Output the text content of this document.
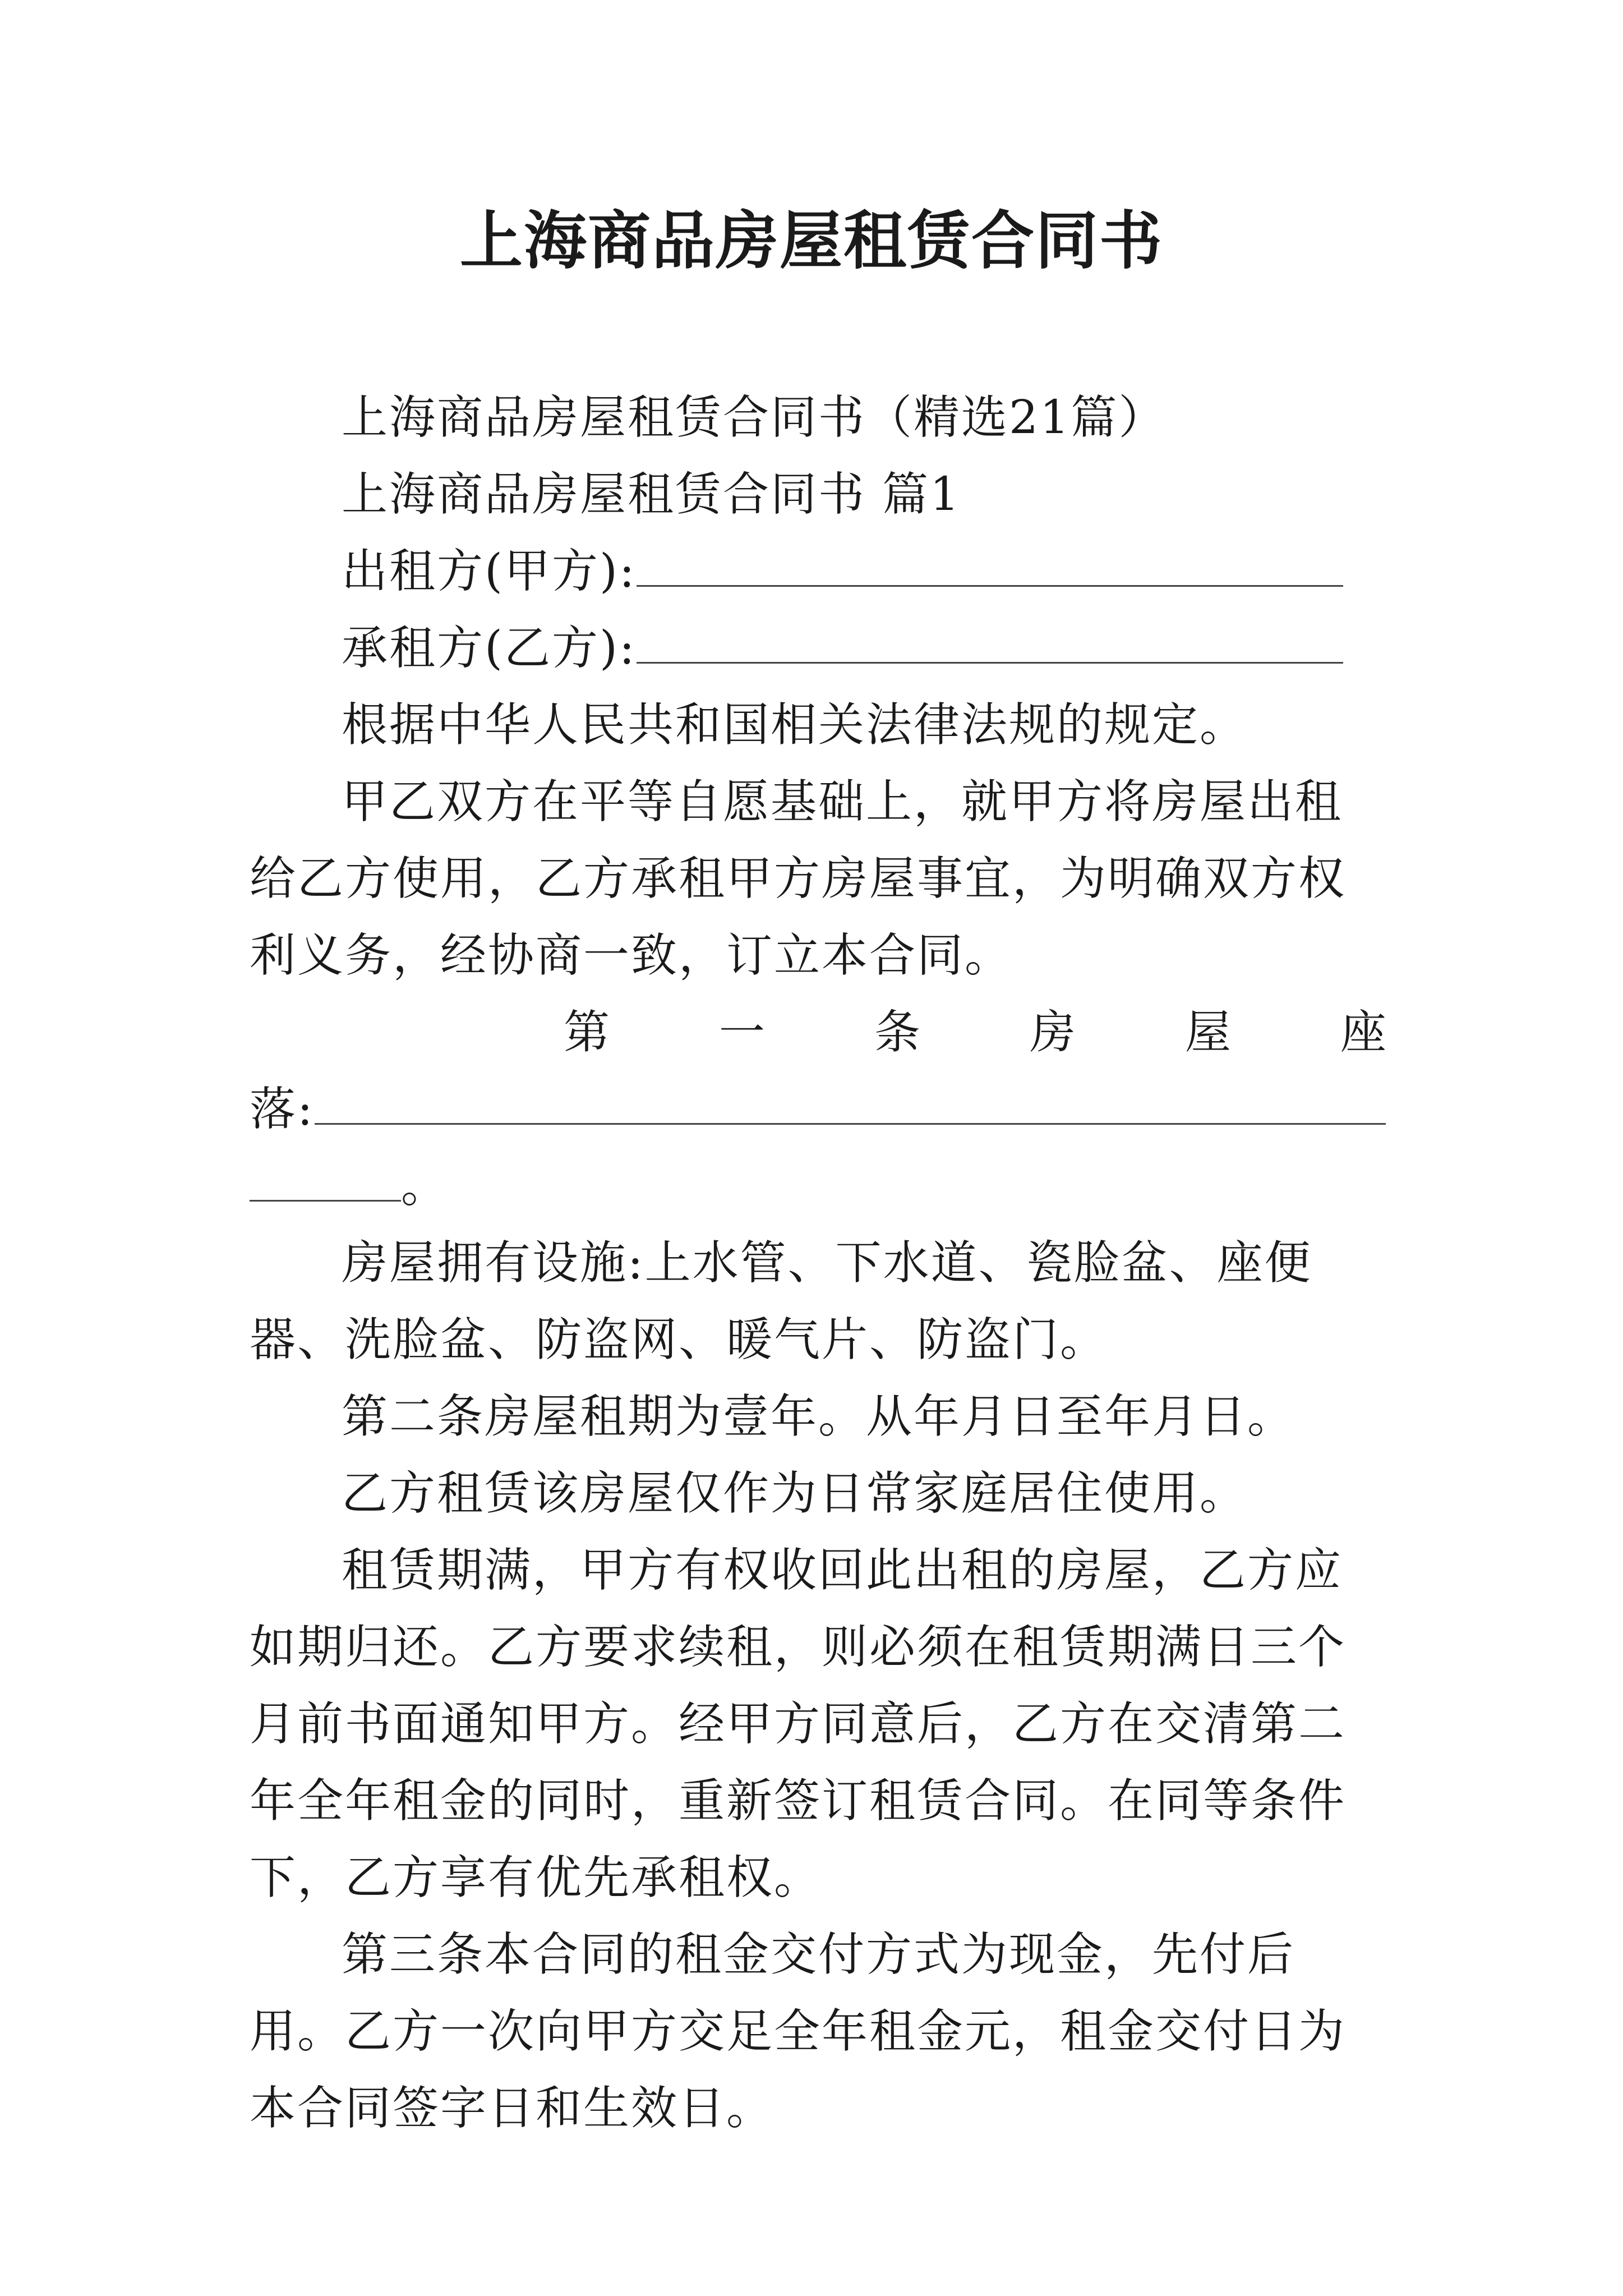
上海商品房屋租赁合同书

上海商品房屋租赁合同书（精选21篇）

上海商品房屋租赁合同书 篇1

出租方(甲方):

承租方(乙方):

根据中华人民共和国相关法律法规的规定。

甲乙双方在平等自愿基础上，就甲方将房屋出租给乙方使用，乙方承租甲方房屋事宜，为明确双方权利义务，经协商一致，订立本合同。

第 一 条 房 屋 座

落:

。

房屋拥有设施:上水管、下水道、瓷脸盆、座便器、洗脸盆、防盗网、暖气片、防盗门。

第二条房屋租期为壹年。从年月日至年月日。

乙方租赁该房屋仅作为日常家庭居住使用。

租赁期满，甲方有权收回此出租的房屋，乙方应如期归还。乙方要求续租，则必须在租赁期满日三个月前书面通知甲方。经甲方同意后，乙方在交清第二年全年租金的同时，重新签订租赁合同。在同等条件下，乙方享有优先承租权。

第三条本合同的租金交付方式为现金，先付后用。乙方一次向甲方交足全年租金元，租金交付日为本合同签字日和生效日。
